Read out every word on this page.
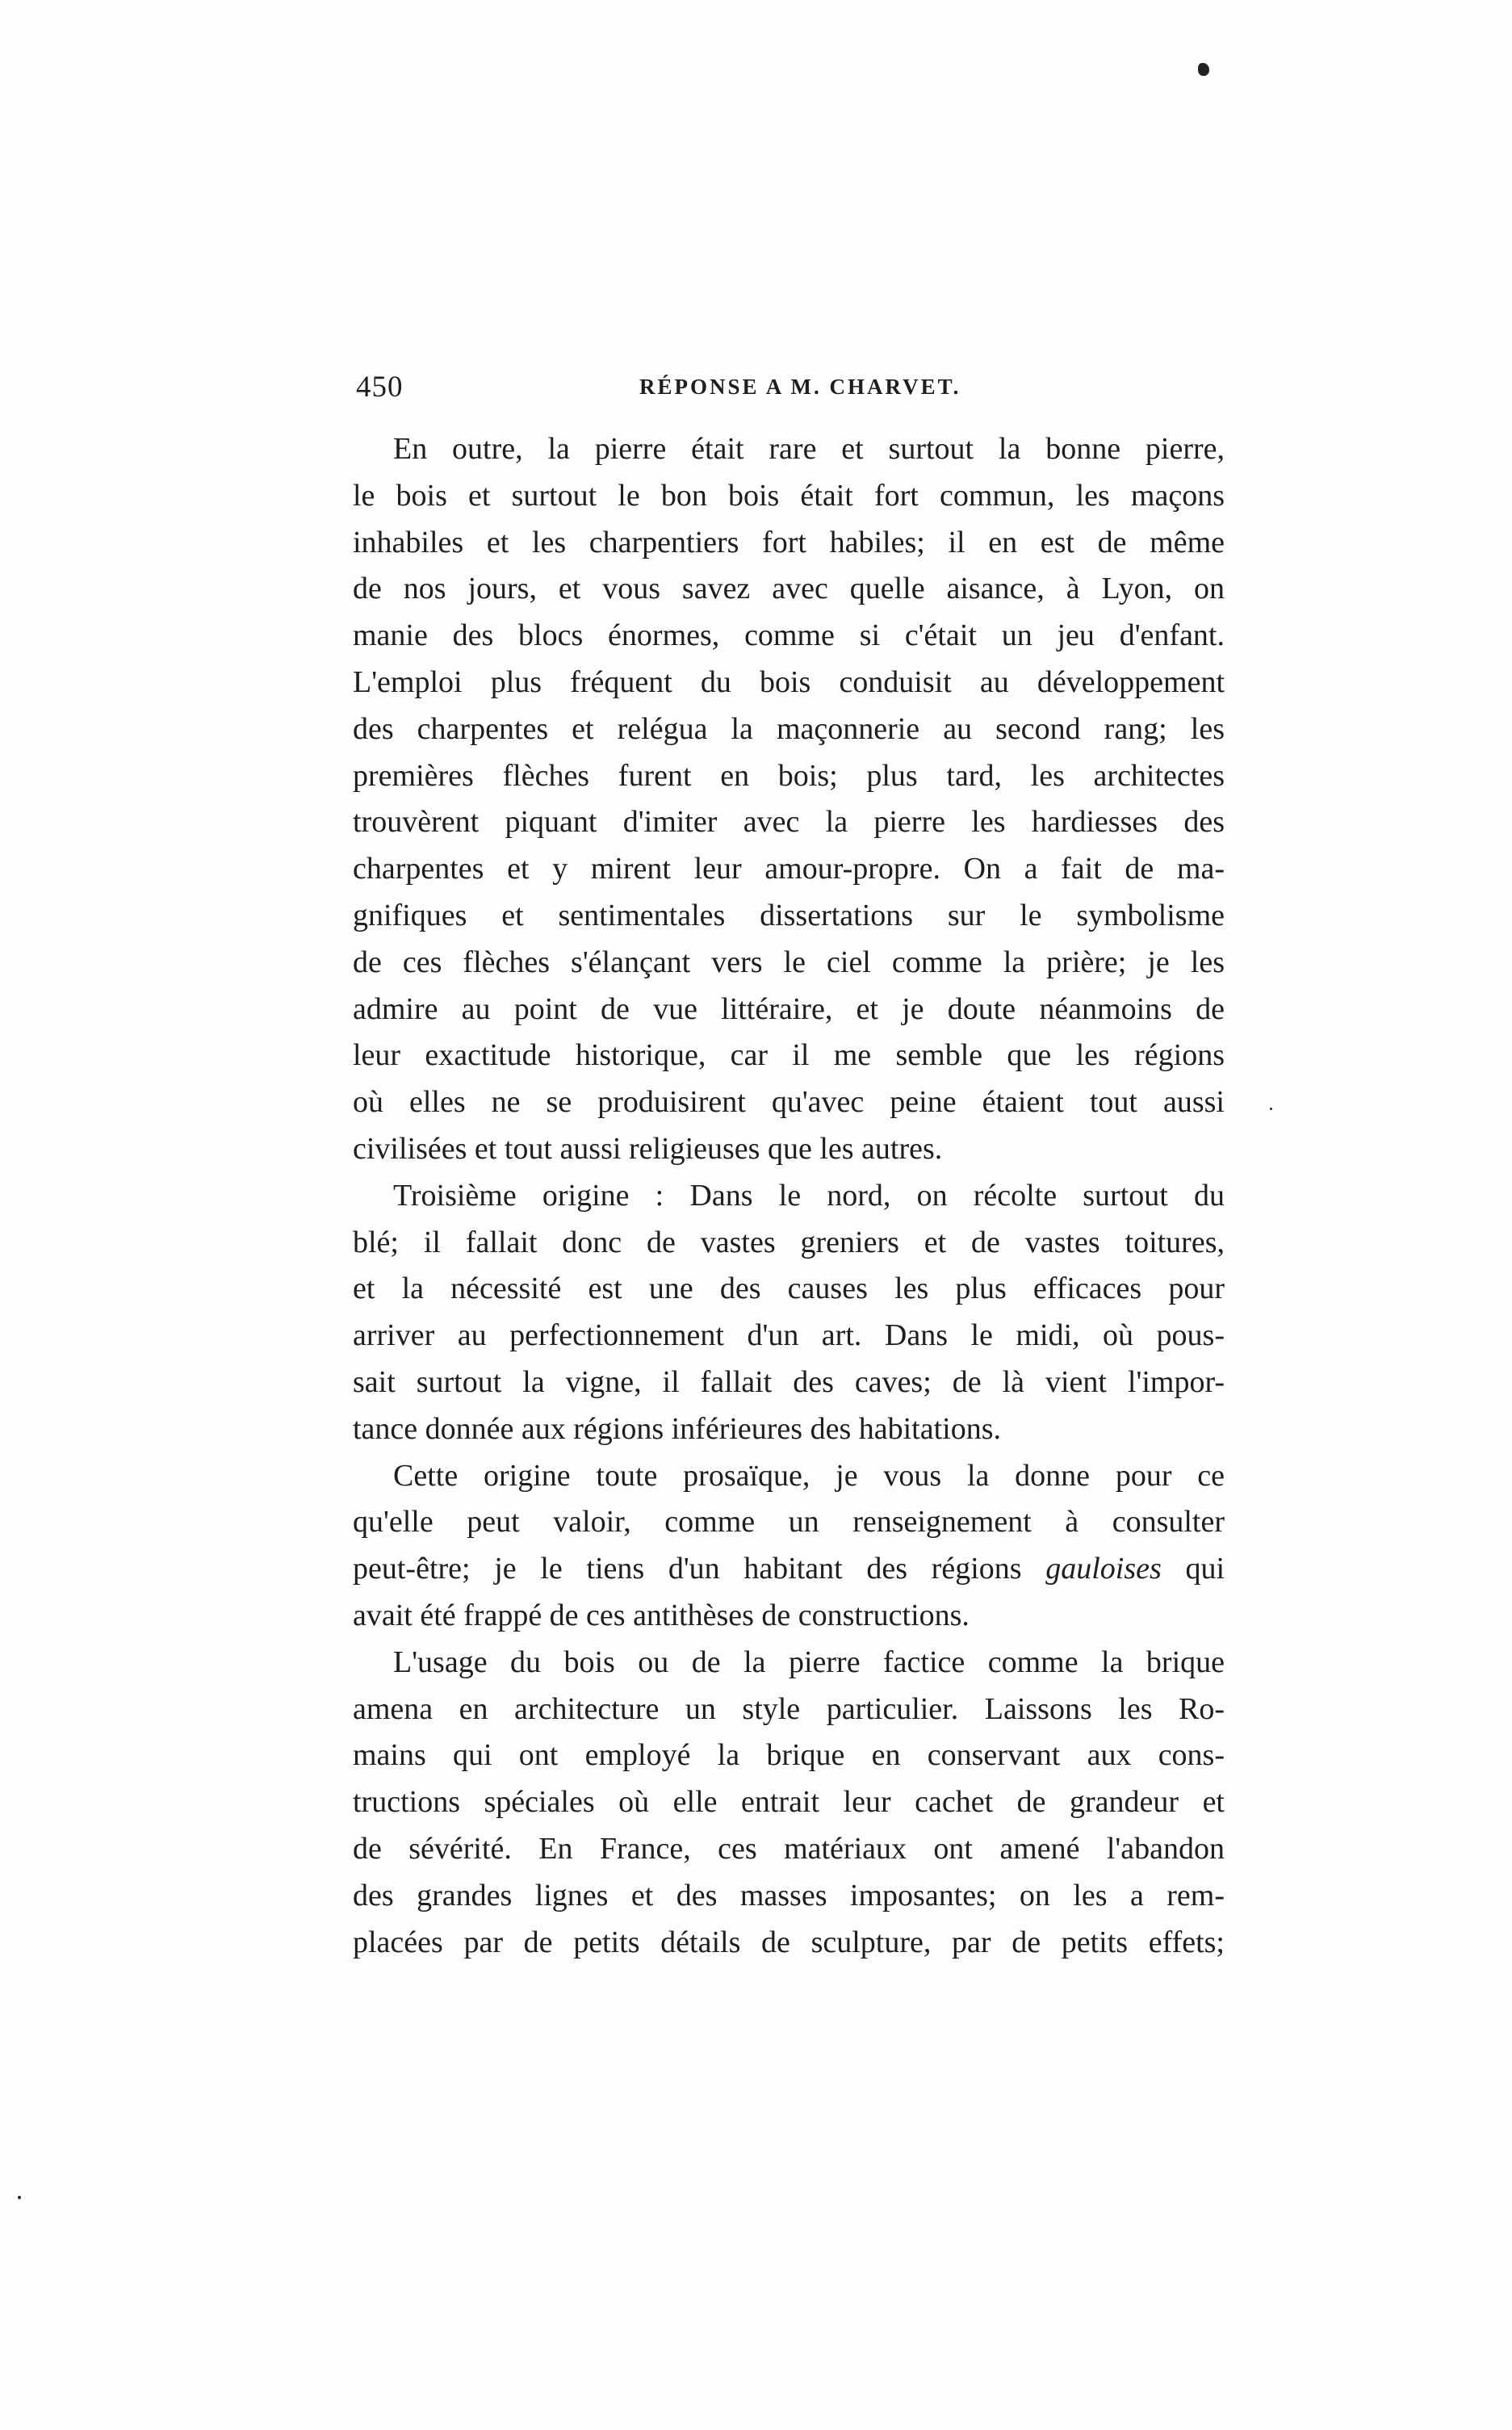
450	RÉPONSE A M. CHARVET.
En outre, la pierre était rare et surtout la bonne pierre,
le bois et surtout le bon bois était fort commun, les maçons
inhabiles et les charpentiers fort habiles; il en est de même
de nos jours, et vous savez avec quelle aisance, à Lyon, on
manie des blocs énormes, comme si c'était un jeu d'enfant.
L'emploi plus fréquent du bois conduisit au développement
des charpentes et relégua la maçonnerie au second rang; les
premières flèches furent en bois; plus tard, les architectes
trouvèrent piquant d'imiter avec la pierre les hardiesses des
charpentes et y mirent leur amour-propre. On a fait de ma-
gnifiques et sentimentales dissertations sur le symbolisme
de ces flèches s'élançant vers le ciel comme la prière; je les
admire au point de vue littéraire, et je doute néanmoins de
leur exactitude historique, car il me semble que les régions
où elles ne se produisirent qu'avec peine étaient tout aussi
civilisées et tout aussi religieuses que les autres.
Troisième origine : Dans le nord, on récolte surtout du
blé; il fallait donc de vastes greniers et de vastes toitures,
et la nécessité est une des causes les plus efficaces pour
arriver au perfectionnement d'un art. Dans le midi, où pous-
sait surtout la vigne, il fallait des caves; de là vient l'impor-
tance donnée aux régions inférieures des habitations.
Cette origine toute prosaïque, je vous la donne pour ce
qu'elle peut valoir, comme un renseignement à consulter
peut-être; je le tiens d'un habitant des régions gauloises qui
avait été frappé de ces antithèses de constructions.
L'usage du bois ou de la pierre factice comme la brique
amena en architecture un style particulier. Laissons les Ro-
mains qui ont employé la brique en conservant aux cons-
tructions spéciales où elle entrait leur cachet de grandeur et
de sévérité. En France, ces matériaux ont amené l'abandon
des grandes lignes et des masses imposantes; on les a rem-
placées par de petits détails de sculpture, par de petits effets;
